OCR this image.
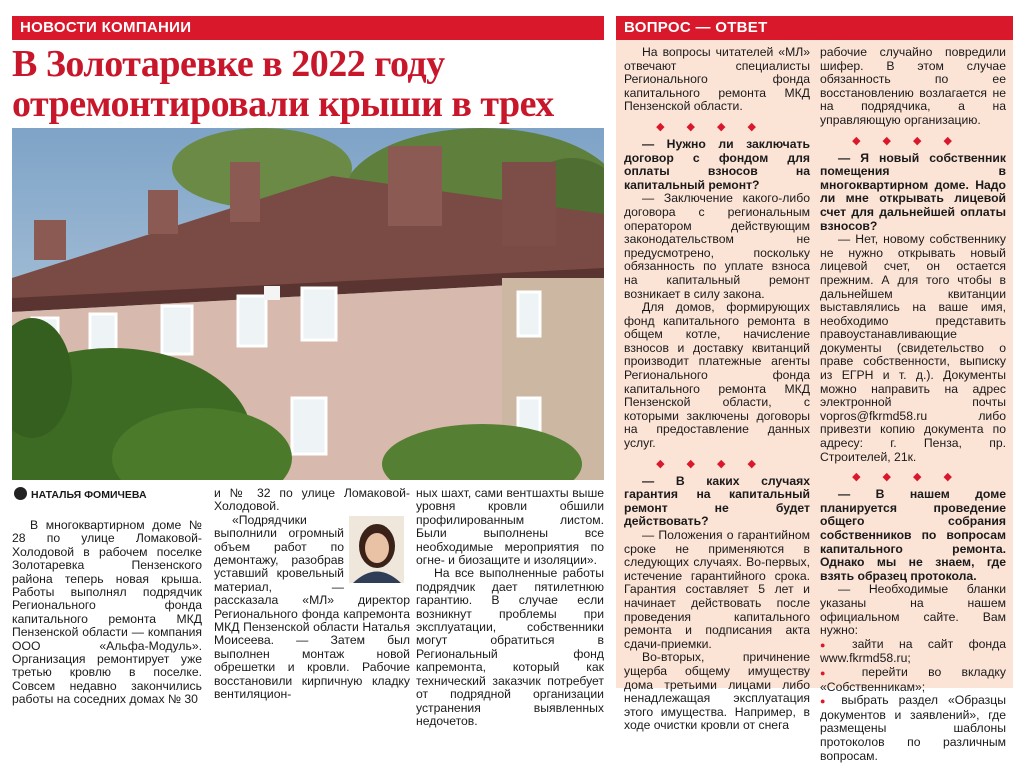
НОВОСТИ КОМПАНИИ	ВОПРОС — ОТВЕТ
В Золотаревке в 2022 году
отремонтировали крыши в трех
НАТАЛЬЯ ФОМИЧЕВА

В многоквартирном доме № 28 по улице Ломаковой-Холодовой в рабочем поселке Золотаревка Пензенского района теперь новая крыша. Работы выполнял подрядчик Регионального фонда капитального ремонта МКД Пензенской области — компания ООО «Альфа-Модуль». Организация ремонтирует уже третью кровлю в поселке. Совсем недавно закончились работы на соседних домах № 30

и № 32 по улице Ломаковой-Холодовой.

«Подрядчики выполнили огромный объем работ по демонтажу, разобрав уставший кровельный материал, — рассказала «МЛ» директор Регионального фонда капремонта МКД Пензенской области Наталья Моисеева. — Затем был выполнен монтаж новой обрешетки и кровли. Рабочие восстановили кирпичную кладку вентиляцион-

ных шахт, сами вентшахты выше уровня кровли обшили профилированным листом. Были выполнены все необходимые мероприятия по огне- и биозащите и изоляции».

На все выполненные работы подрядчик дает пятилетнюю гарантию. В случае если возникнут проблемы при эксплуатации, собственники могут обратиться в Региональный фонд капремонта, который как технический заказчик потребует от подрядной организации устранения выявленных недочетов.

На вопросы читателей «МЛ» отвечают специалисты Регионального фонда капитального ремонта МКД Пензенской области.

◆◆◆◆

— Нужно ли заключать договор с фондом для оплаты взносов на капитальный ремонт?

— Заключение какого-либо договора с региональным оператором действующим законодательством не предусмотрено, поскольку обязанность по уплате взноса на капитальный ремонт возникает в силу закона.

Для домов, формирующих фонд капитального ремонта в общем котле, начисление взносов и доставку квитанций производит платежные агенты Регионального фонда капитального ремонта МКД Пензенской области, с которыми заключены договоры на предоставление данных услуг.

◆◆◆◆

— В каких случаях гарантия на капитальный ремонт не будет действовать?

— Положения о гарантийном сроке не применяются в следующих случаях. Во-первых, истечение гарантийного срока. Гарантия составляет 5 лет и начинает действовать после проведения капитального ремонта и подписания акта сдачи-приемки.

Во-вторых, причинение ущерба общему имуществу дома третьими лицами либо ненадлежащая эксплуатация этого имущества. Например, в ходе очистки кровли от снега

рабочие случайно повредили шифер. В этом случае обязанность по ее восстановлению возлагается не на подрядчика, а на управляющую организацию.

◆◆◆◆

— Я новый собственник помещения в многоквартирном доме. Надо ли мне открывать лицевой счет для дальнейшей оплаты взносов?

— Нет, новому собственнику не нужно открывать новый лицевой счет, он остается прежним. А для того чтобы в дальнейшем квитанции выставлялись на ваше имя, необходимо представить правоустанавливающие документы (свидетельство о праве собственности, выписку из ЕГРН и т. д.). Документы можно направить на адрес электронной почты vopros@fkrmd58.ru либо привезти копию документа по адресу: г. Пенза, пр. Строителей, 21к.

◆◆◆◆

— В нашем доме планируется проведение общего собрания собственников по вопросам капитального ремонта. Однако мы не знаем, где взять образец протокола.

— Необходимые бланки указаны на нашем официальном сайте. Вам нужно:

● зайти на сайт фонда www.fkrmd58.ru;

● перейти во вкладку «Собственникам»;

● выбрать раздел «Образцы документов и заявлений», где размещены шаблоны протоколов по различным вопросам.
